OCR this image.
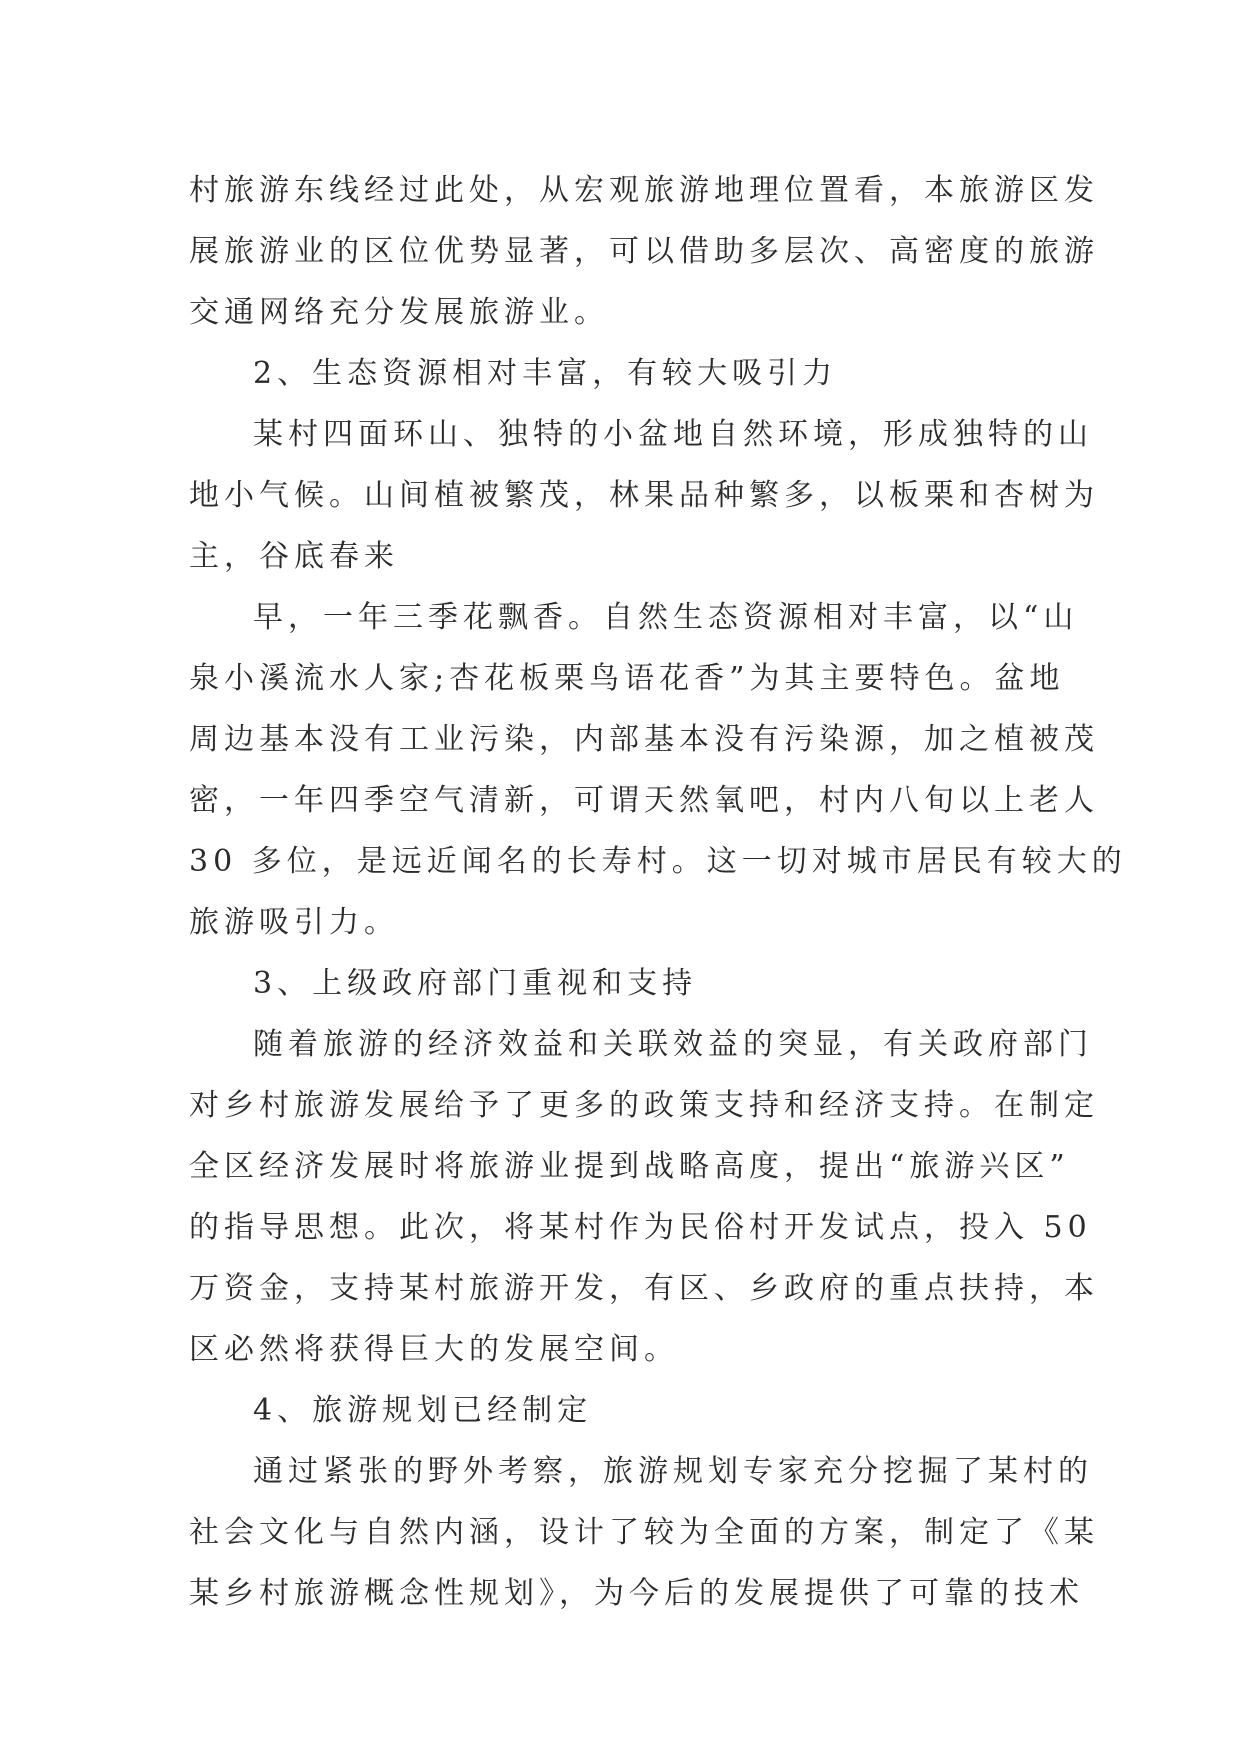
村旅游东线经过此处，从宏观旅游地理位置看，本旅游区发
展旅游业的区位优势显著，可以借助多层次、高密度的旅游
交通网络充分发展旅游业。

2、生态资源相对丰富，有较大吸引力

某村四面环山、独特的小盆地自然环境，形成独特的山
地小气候。山间植被繁茂，林果品种繁多，以板栗和杏树为
主，谷底春来

早，一年三季花飘香。自然生态资源相对丰富，以“山
泉小溪流水人家;杏花板栗鸟语花香”为其主要特色。盆地
周边基本没有工业污染，内部基本没有污染源，加之植被茂
密，一年四季空气清新，可谓天然氧吧，村内八旬以上老人
30 多位，是远近闻名的长寿村。这一切对城市居民有较大的
旅游吸引力。

3、上级政府部门重视和支持

随着旅游的经济效益和关联效益的突显，有关政府部门
对乡村旅游发展给予了更多的政策支持和经济支持。在制定
全区经济发展时将旅游业提到战略高度，提出“旅游兴区”
的指导思想。此次，将某村作为民俗村开发试点，投入 50
万资金，支持某村旅游开发，有区、乡政府的重点扶持，本
区必然将获得巨大的发展空间。

4、旅游规划已经制定

通过紧张的野外考察，旅游规划专家充分挖掘了某村的
社会文化与自然内涵，设计了较为全面的方案，制定了《某
某乡村旅游概念性规划》，为今后的发展提供了可靠的技术
